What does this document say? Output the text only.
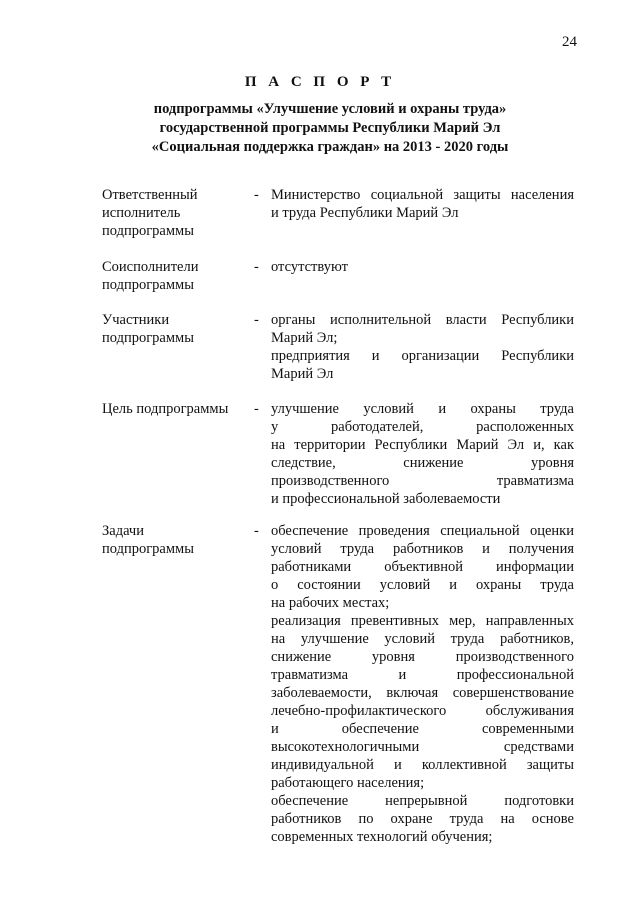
24
П А С П О Р Т
подпрограммы «Улучшение условий и охраны труда»
государственной программы Республики Марий Эл
«Социальная поддержка граждан» на 2013 - 2020 годы
Ответственный
исполнитель
подпрограммы
- Министерство социальной защиты населения
и труда Республики Марий Эл
Соисполнители
подпрограммы
- отсутствуют
Участники
подпрограммы
- органы исполнительной власти Республики
Марий Эл;
предприятия и организации Республики
Марий Эл
Цель подпрограммы	- улучшение условий и охраны труда
у работодателей, расположенных
на территории Республики Марий Эл и, как
следствие, снижение уровня
производственного травматизма
и профессиональной заболеваемости
Задачи
подпрограммы
- обеспечение проведения специальной оценки
условий труда работников и получения
работниками объективной информации
о состоянии условий и охраны труда
на рабочих местах;
реализация превентивных мер, направленных
на улучшение условий труда работников,
снижение уровня производственного
травматизма и профессиональной
заболеваемости, включая совершенствование
лечебно-профилактического обслуживания
и обеспечение современными
высокотехнологичными средствами
индивидуальной и коллективной защиты
работающего населения;
обеспечение непрерывной подготовки
работников по охране труда на основе
современных технологий обучения;
